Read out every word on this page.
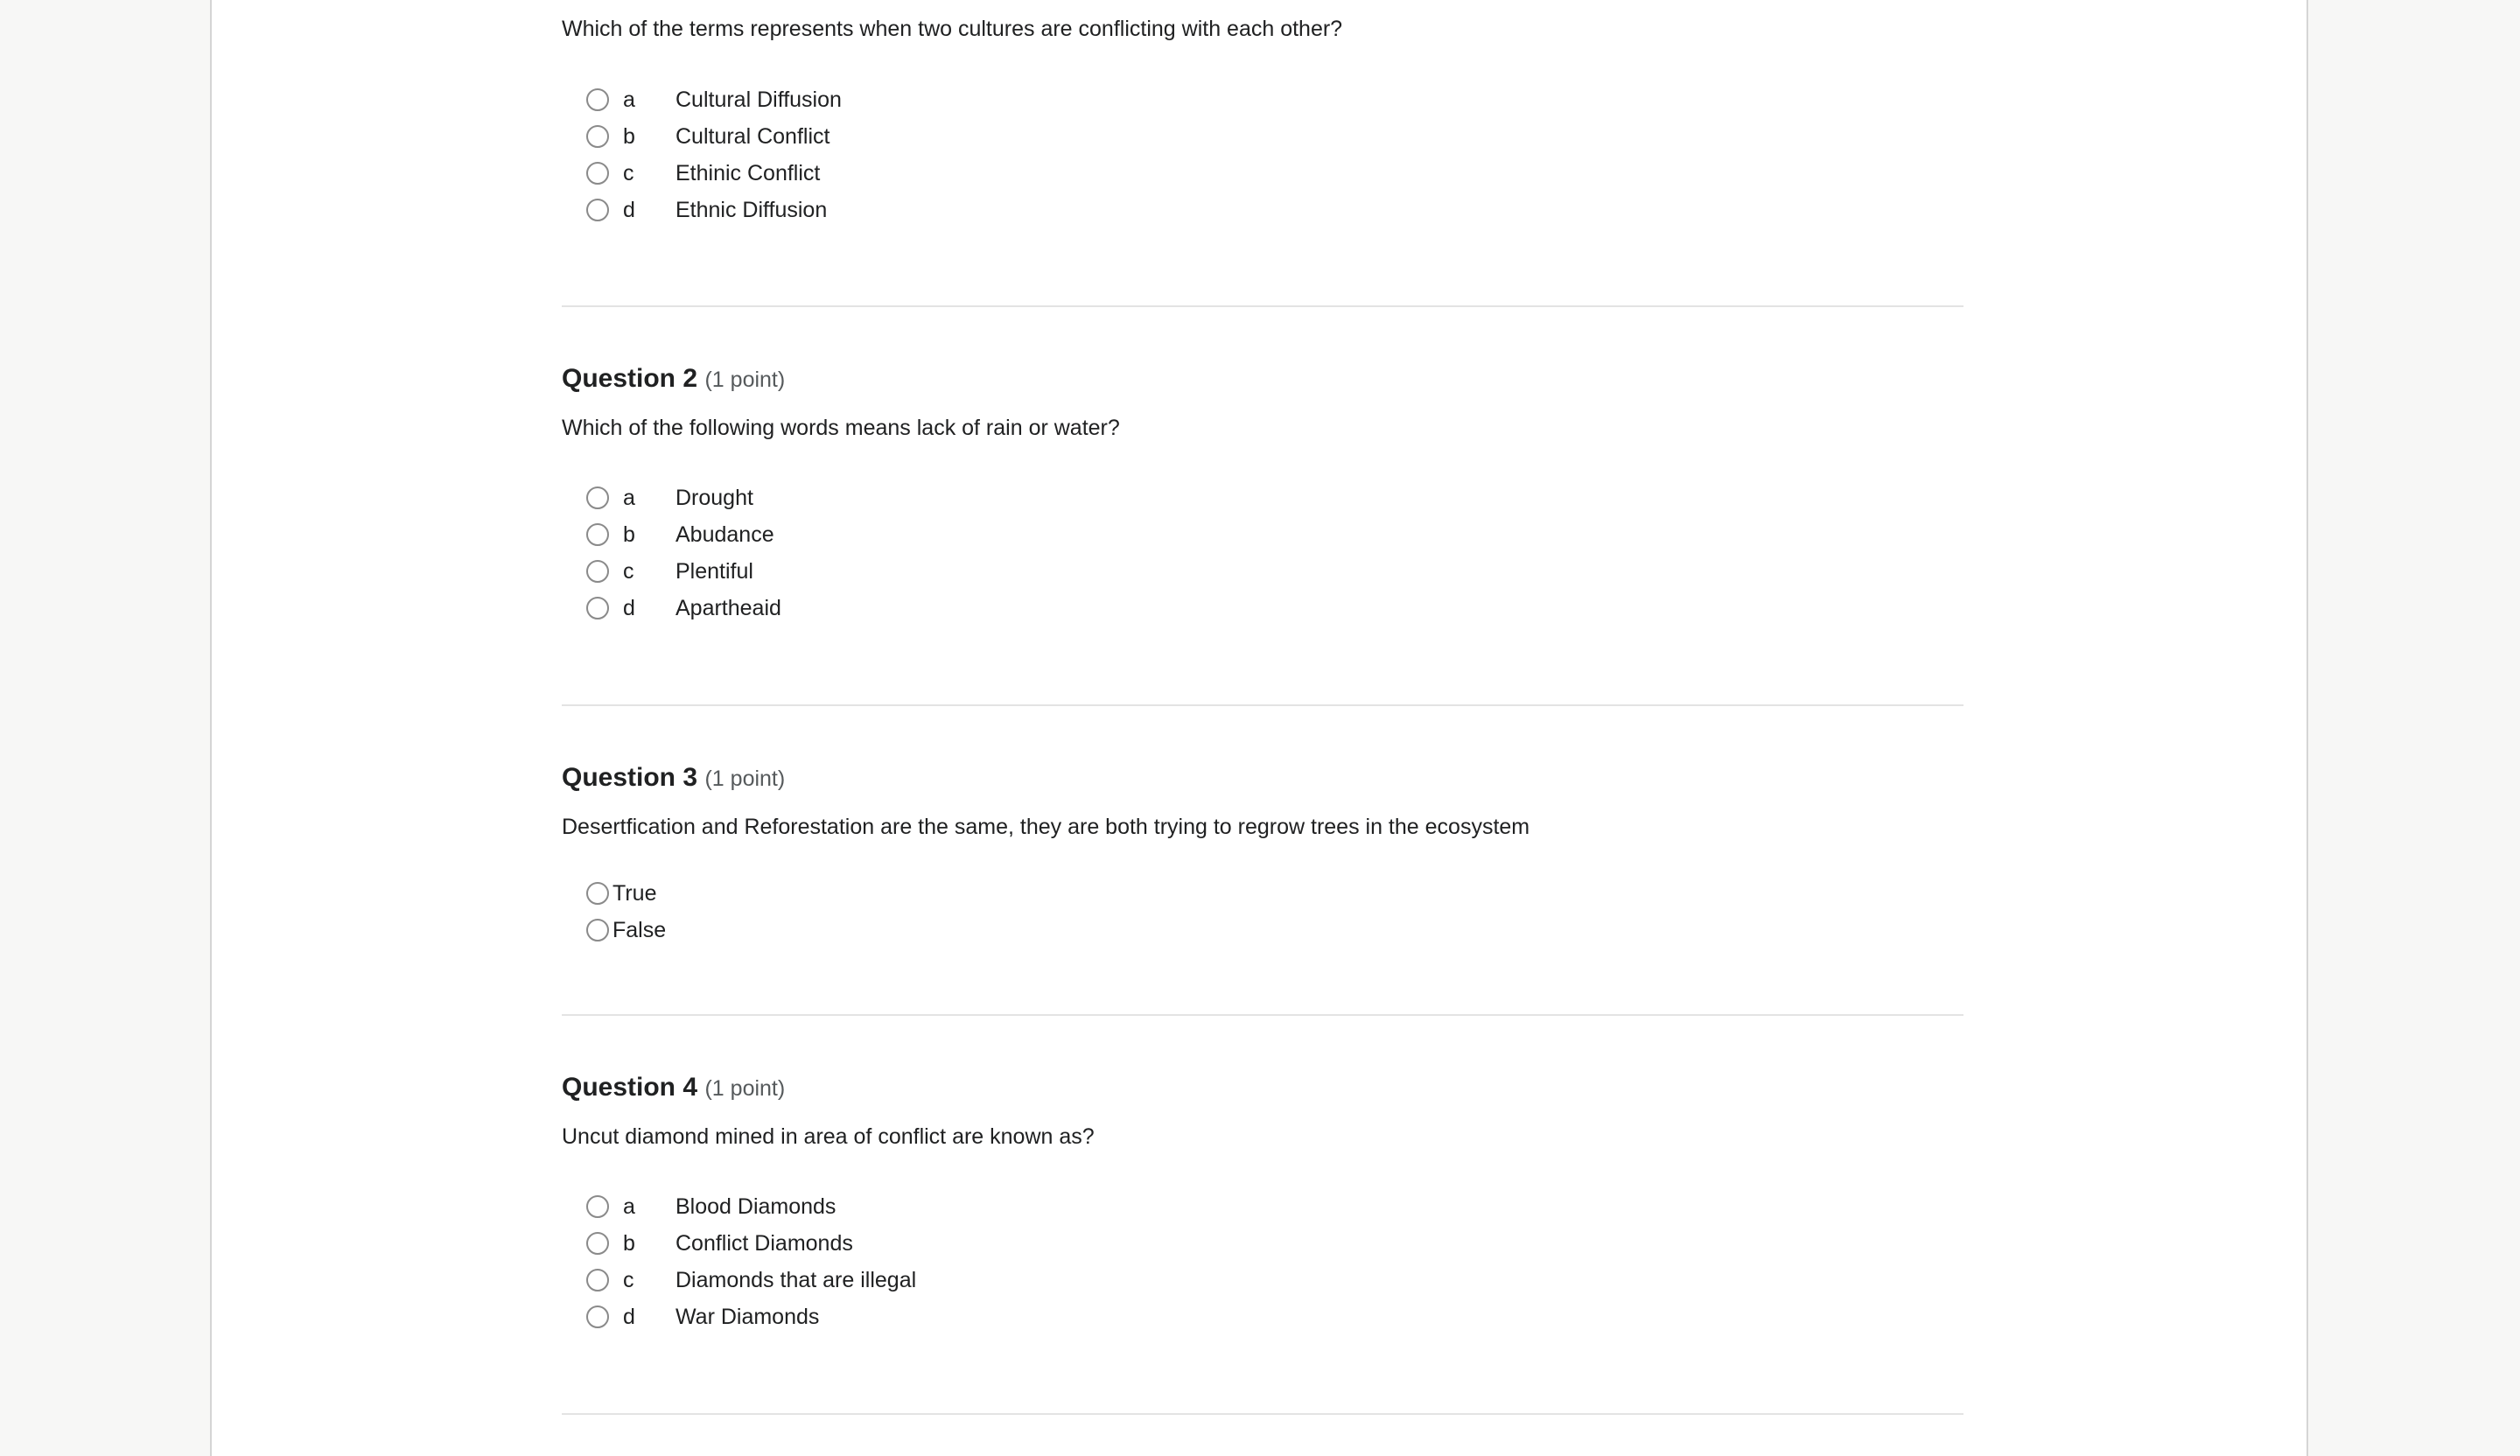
Which of the terms represents when two cultures are conflicting with each other?
a	Cultural Diffusion
b	Cultural Conflict
c	Ethinic Conflict
d	Ethnic Diffusion
Question 2 (1 point)
Which of the following words means lack of rain or water?
a	Drought
b	Abudance
c	Plentiful
d	Apartheaid
Question 3 (1 point)
Desertfication and Reforestation are the same, they are both trying to regrow trees in the ecosystem
True
False
Question 4 (1 point)
Uncut diamond mined in area of conflict are known as?
a	Blood Diamonds
b	Conflict Diamonds
c	Diamonds that are illegal
d	War Diamonds
